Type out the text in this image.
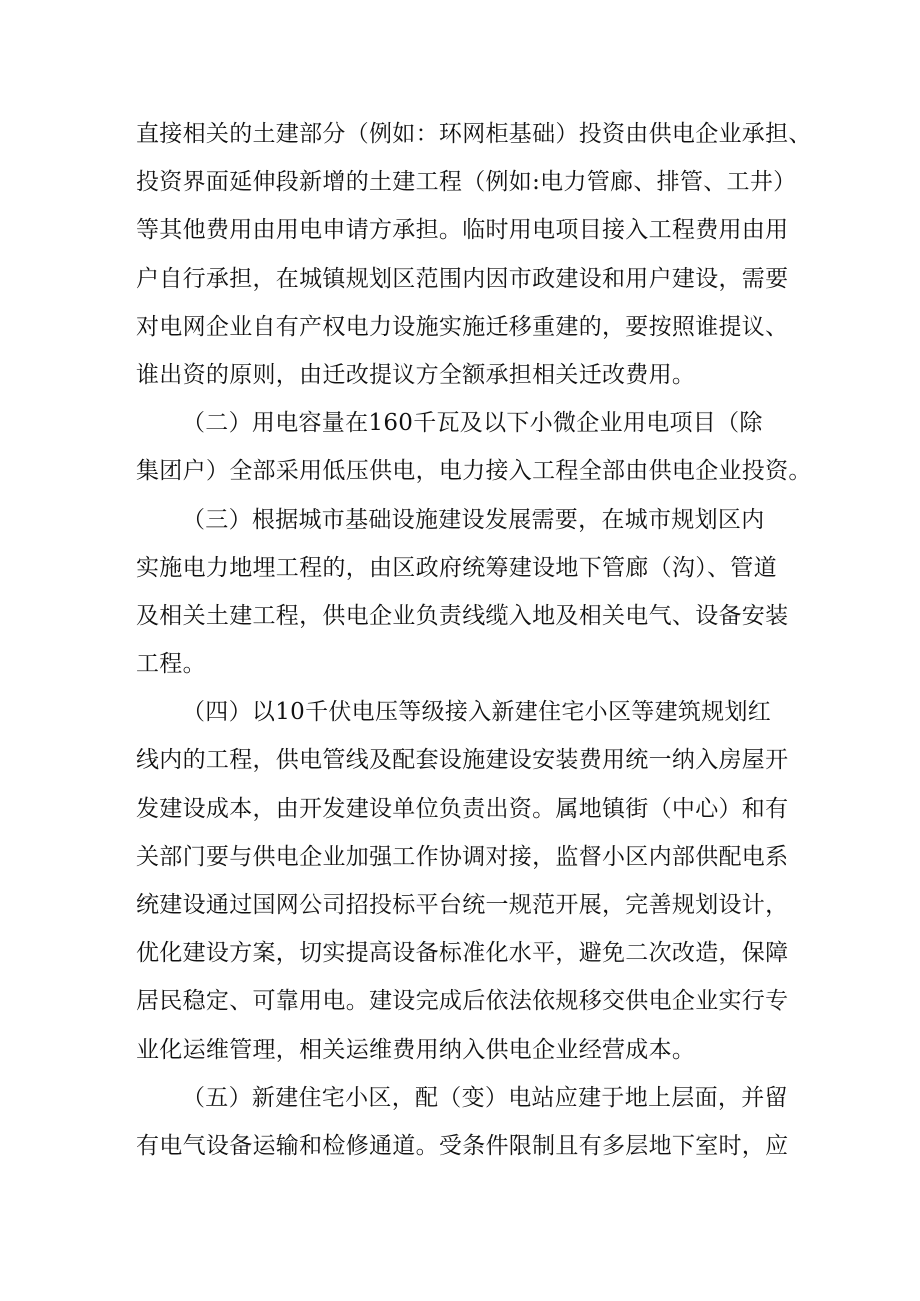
直接相关的土建部分（例如：环网柜基础）投资由供电企业承担、
投资界面延伸段新增的土建工程（例如:电力管廊、排管、工井）
等其他费用由用电申请方承担。临时用电项目接入工程费用由用
户自行承担，在城镇规划区范围内因市政建设和用户建设，需要
对电网企业自有产权电力设施实施迁移重建的，要按照谁提议、
谁出资的原则，由迁改提议方全额承担相关迁改费用。
（二）用电容量在160千瓦及以下小微企业用电项目（除
集团户）全部采用低压供电，电力接入工程全部由供电企业投资。
（三）根据城市基础设施建设发展需要，在城市规划区内
实施电力地埋工程的，由区政府统筹建设地下管廊（沟）、管道
及相关土建工程，供电企业负责线缆入地及相关电气、设备安装
工程。
（四）以10千伏电压等级接入新建住宅小区等建筑规划红
线内的工程，供电管线及配套设施建设安装费用统一纳入房屋开
发建设成本，由开发建设单位负责出资。属地镇街（中心）和有
关部门要与供电企业加强工作协调对接，监督小区内部供配电系
统建设通过国网公司招投标平台统一规范开展，完善规划设计，
优化建设方案，切实提高设备标准化水平，避免二次改造，保障
居民稳定、可靠用电。建设完成后依法依规移交供电企业实行专
业化运维管理，相关运维费用纳入供电企业经营成本。
（五）新建住宅小区，配（变）电站应建于地上层面，并留
有电气设备运输和检修通道。受条件限制且有多层地下室时，应
